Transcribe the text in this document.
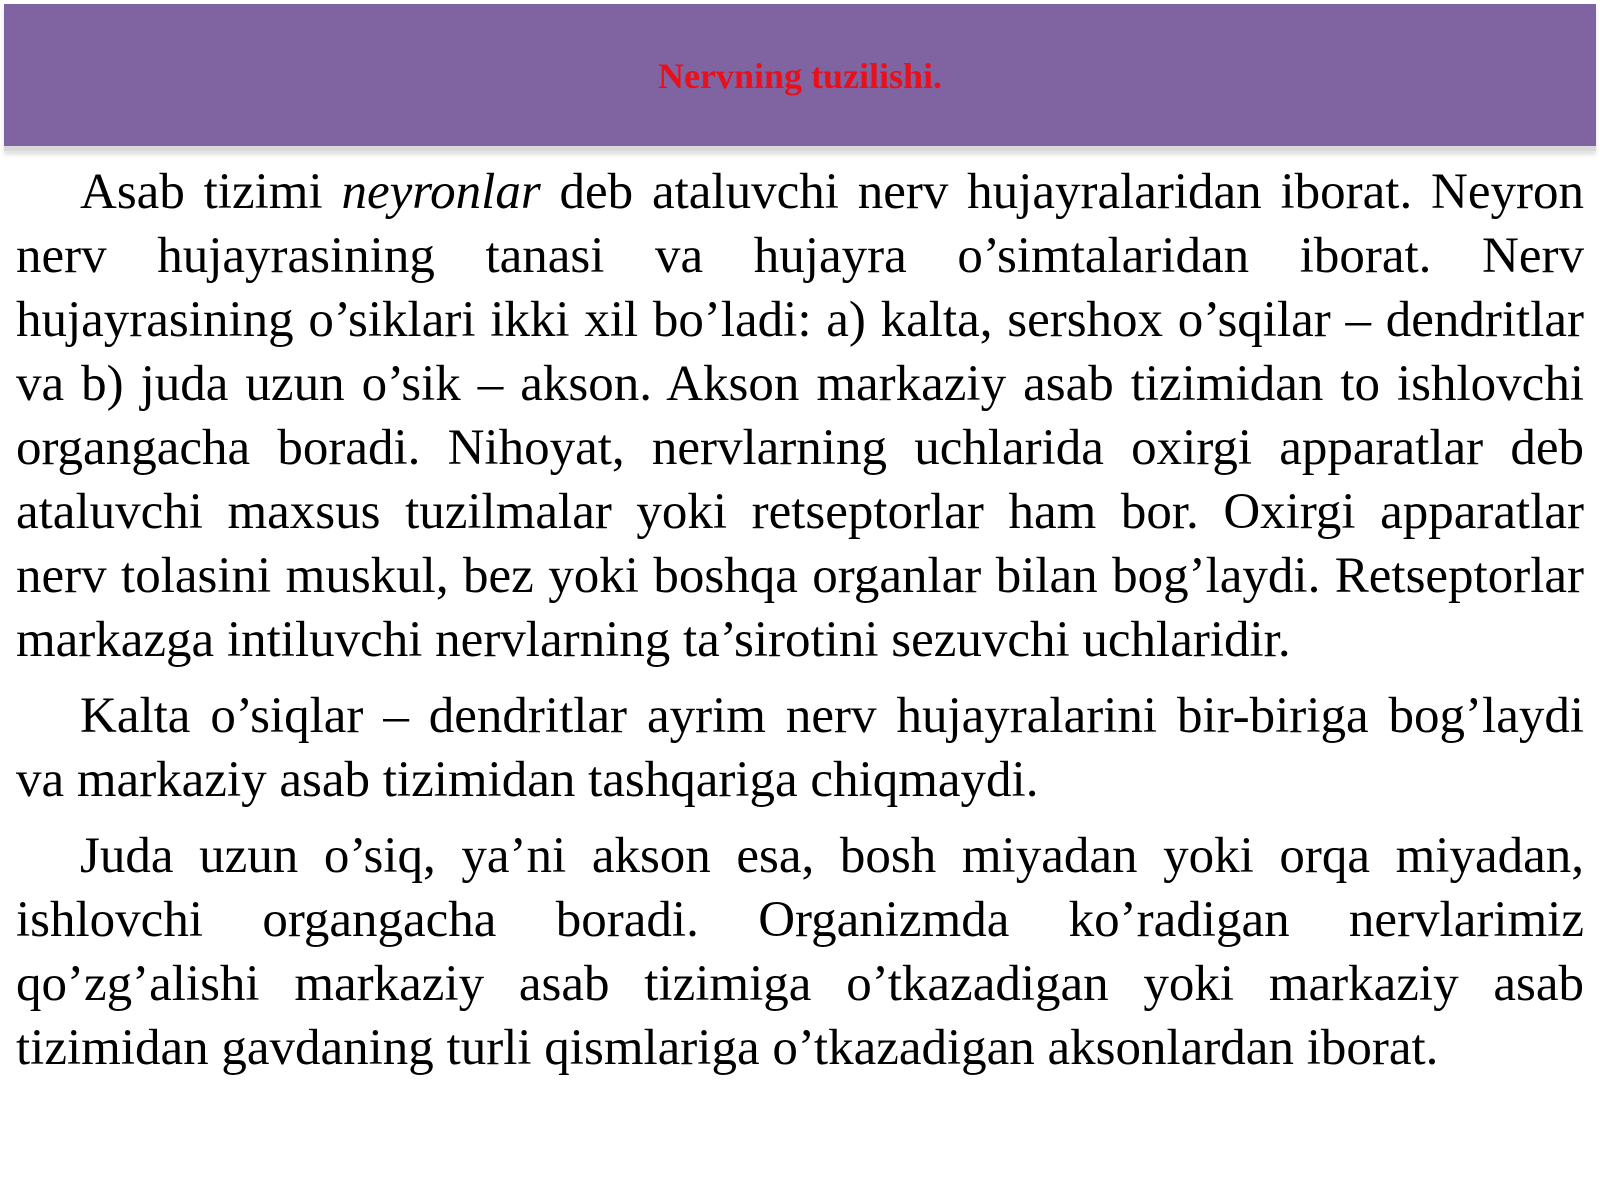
Nervning tuzilishi.

Asab tizimi neyronlar deb ataluvchi nerv hujayralaridan iborat. Neyron nerv hujayrasining tanasi va hujayra o’simtalaridan iborat. Nerv hujayrasining o’siklari ikki xil bo’ladi: a) kalta, sershox o’sqilar – dendritlar va b) juda uzun o’sik – akson. Akson markaziy asab tizimidan to ishlovchi organgacha boradi. Nihoyat, nervlarning uchlarida oxirgi apparatlar deb ataluvchi maxsus tuzilmalar yoki retseptorlar ham bor. Oxirgi apparatlar nerv tolasini muskul, bez yoki boshqa organlar bilan bog’laydi. Retseptorlar markazga intiluvchi nervlarning ta’sirotini sezuvchi uchlaridir.

Kalta o’siqlar – dendritlar ayrim nerv hujayralarini bir-biriga bog’laydi va markaziy asab tizimidan tashqariga chiqmaydi.

Juda uzun o’siq, ya’ni akson esa, bosh miyadan yoki orqa miyadan, ishlovchi organgacha boradi. Organizmda ko’radigan nervlarimiz qo’zg’alishi markaziy asab tizimiga o’tkazadigan yoki markaziy asab tizimidan gavdaning turli qismlariga o’tkazadigan aksonlardan iborat.
